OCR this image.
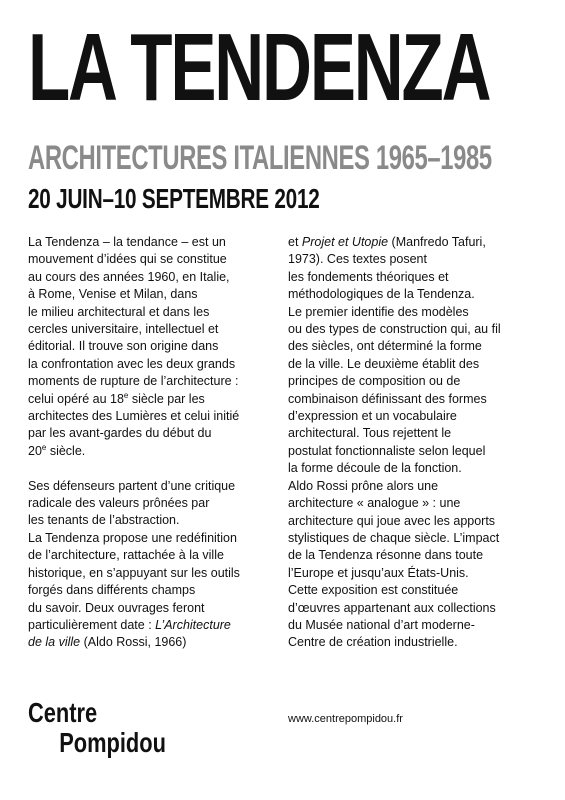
LA TENDENZA
ARCHITECTURES ITALIENNES 1965–1985
20 JUIN–10 SEPTEMBRE 2012
La Tendenza – la tendance – est un
mouvement d’idées qui se constitue
au cours des années 1960, en Italie,
à Rome, Venise et Milan, dans
le milieu architectural et dans les
cercles universitaire, intellectuel et
éditorial. Il trouve son origine dans
la confrontation avec les deux grands
moments de rupture de l’architecture :
celui opéré au 18e siècle par les
architectes des Lumières et celui initié
par les avant-gardes du début du
20e siècle.
Ses défenseurs partent d’une critique
radicale des valeurs prônées par
les tenants de l’abstraction.
La Tendenza propose une redéfinition
de l’architecture, rattachée à la ville
historique, en s’appuyant sur les outils
forgés dans différents champs
du savoir. Deux ouvrages feront
particulièrement date : L’Architecture
de la ville (Aldo Rossi, 1966)
et Projet et Utopie (Manfredo Tafuri,
1973). Ces textes posent
les fondements théoriques et
méthodologiques de la Tendenza.
Le premier identifie des modèles
ou des types de construction qui, au fil
des siècles, ont déterminé la forme
de la ville. Le deuxième établit des
principes de composition ou de
combinaison définissant des formes
d’expression et un vocabulaire
architectural. Tous rejettent le
postulat fonctionnaliste selon lequel
la forme découle de la fonction.
Aldo Rossi prône alors une
architecture « analogue » : une
architecture qui joue avec les apports
stylistiques de chaque siècle. L’impact
de la Tendenza résonne dans toute
l’Europe et jusqu’aux États-Unis.
Cette exposition est constituée
d’œuvres appartenant aux collections
du Musée national d’art moderne-
Centre de création industrielle.
Centre
Pompidou
www.centrepompidou.fr
